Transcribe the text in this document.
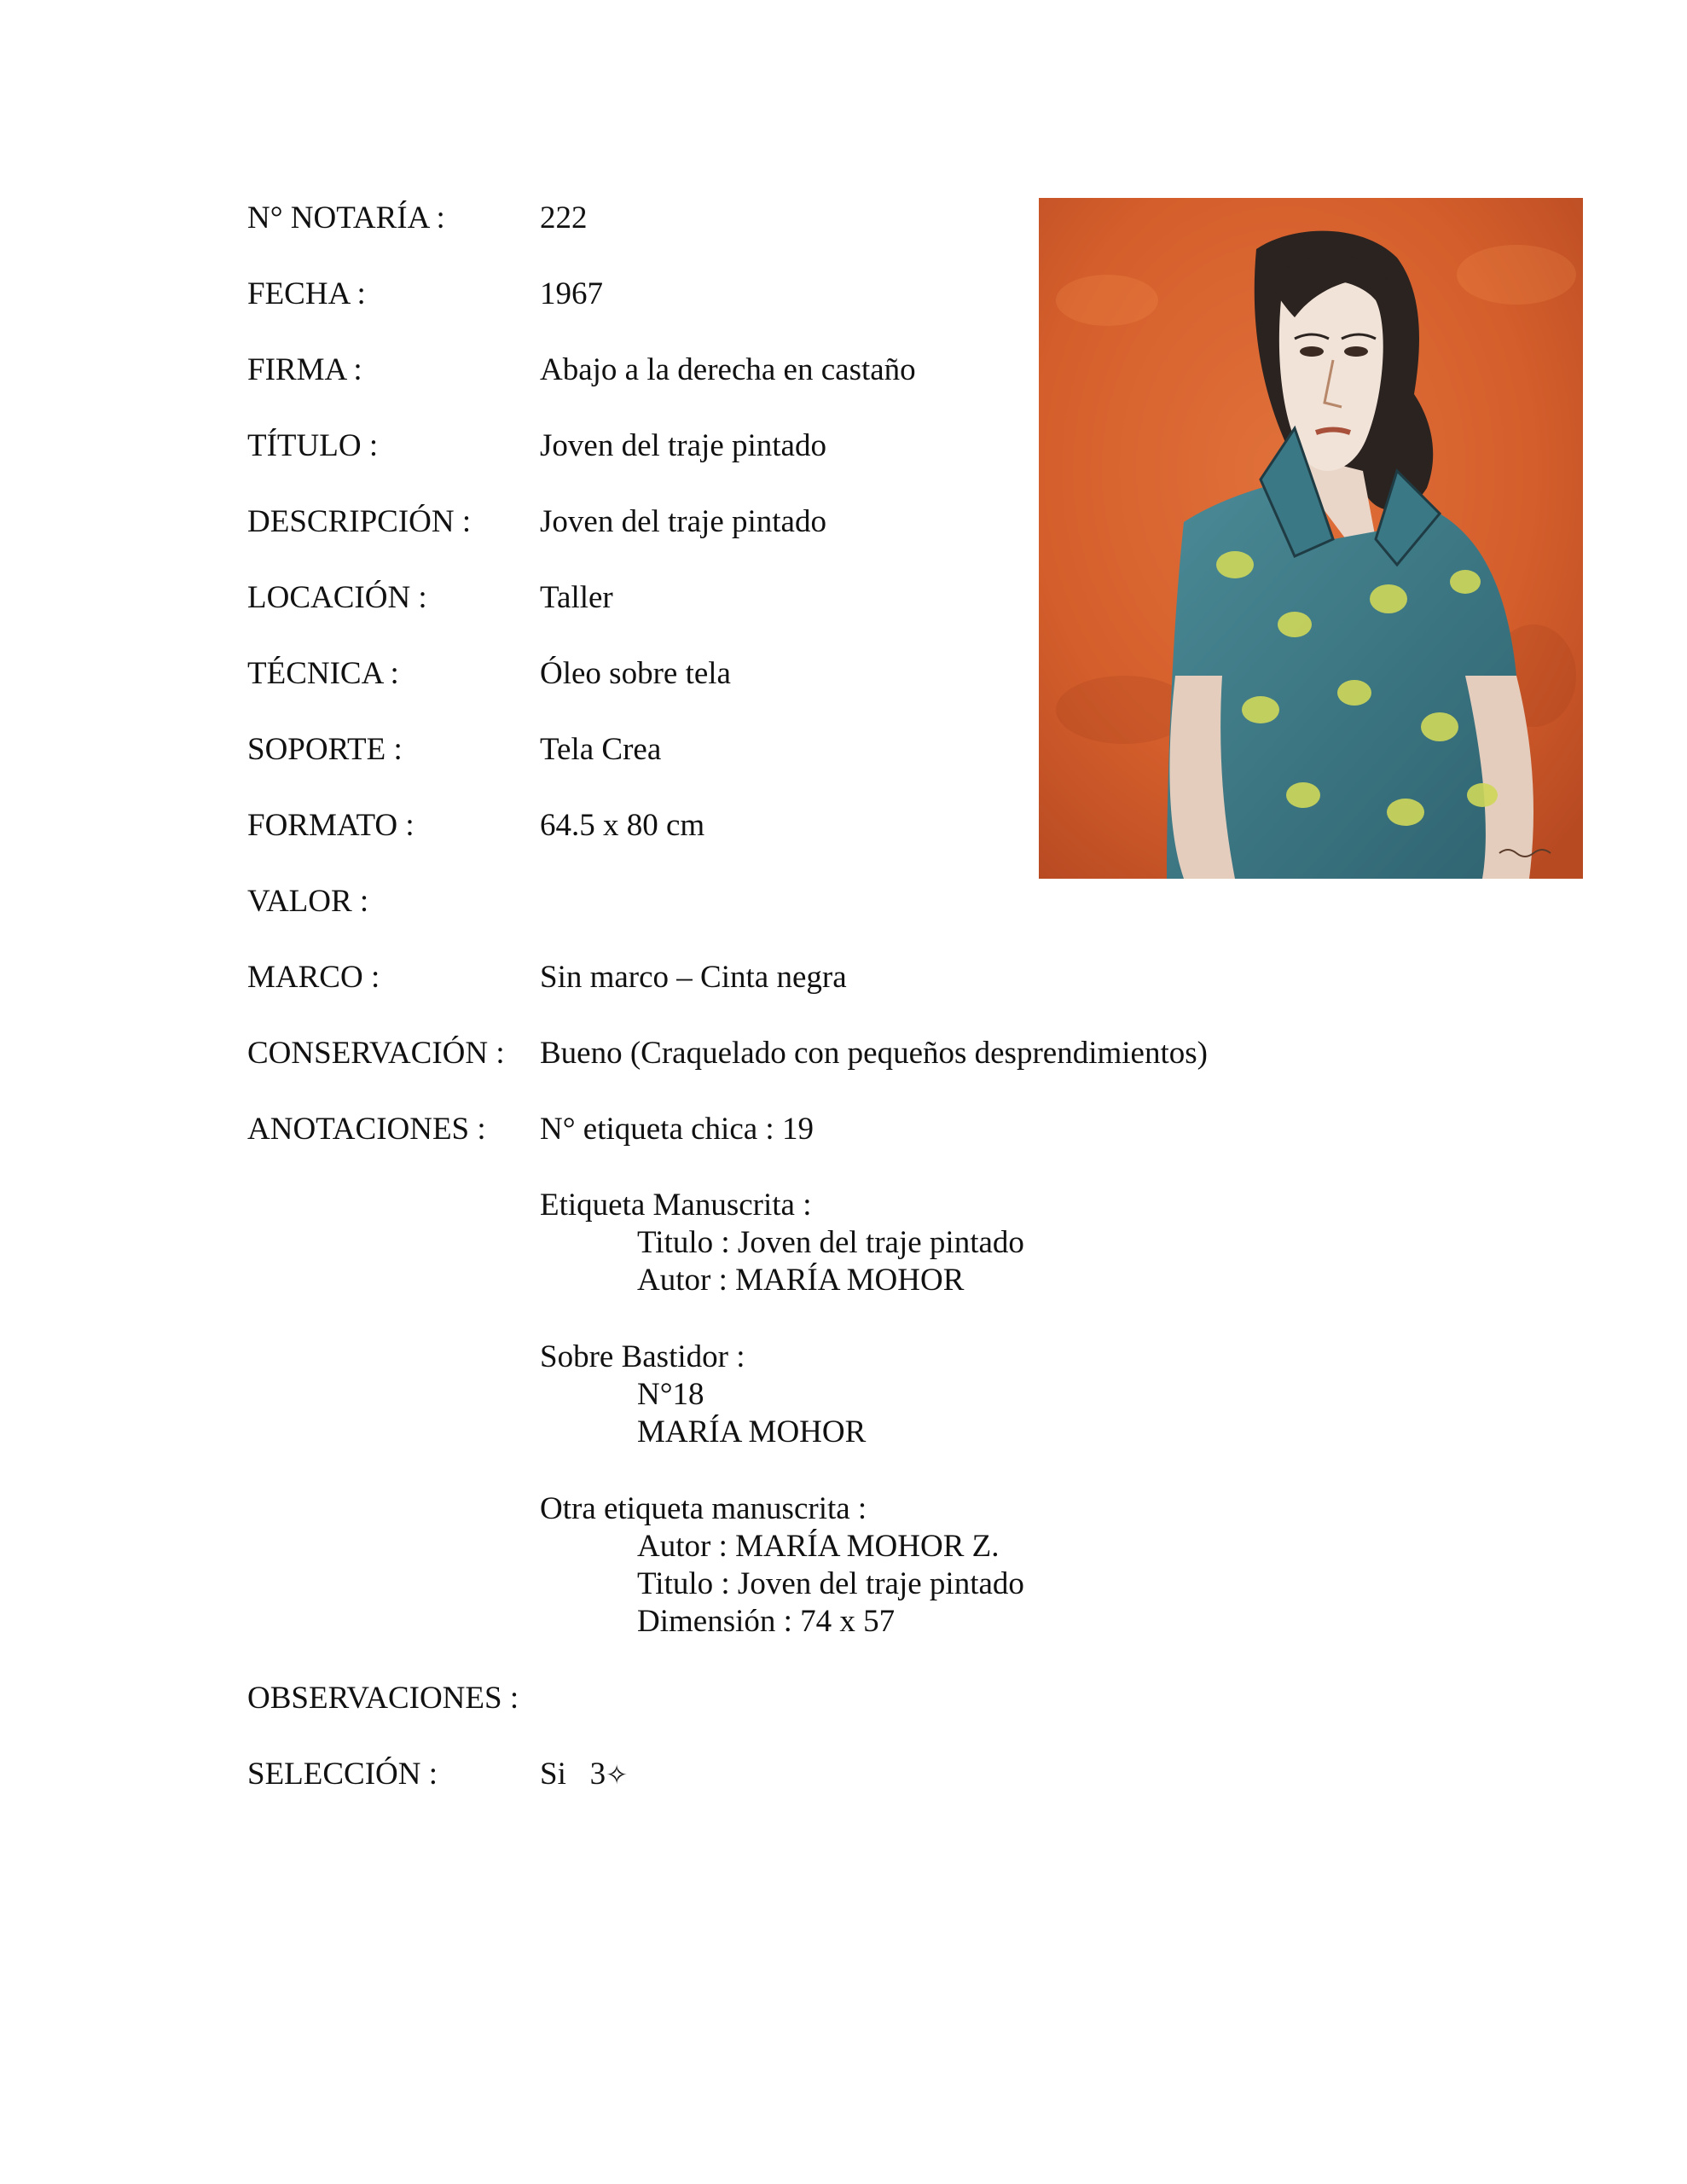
N° NOTARÍA :	222
FECHA :	1967
FIRMA :	Abajo a la derecha en castaño
TÍTULO :	Joven del traje pintado
DESCRIPCIÓN : Joven del traje pintado
LOCACIÓN :	Taller
TÉCNICA :	Óleo sobre tela
SOPORTE :	Tela Crea
FORMATO :	64.5 x 80 cm
VALOR :
MARCO :	Sin marco – Cinta negra
CONSERVACIÓN : Bueno (Craquelado con pequeños desprendimientos)
ANOTACIONES : N° etiqueta chica : 19
Etiqueta Manuscrita :
Titulo : Joven del traje pintado
Autor : MARÍA MOHOR
Sobre Bastidor :
N°18
MARÍA MOHOR
Otra etiqueta manuscrita :
Autor : MARÍA MOHOR Z.
Titulo : Joven del traje pintado
Dimensión : 74 x 57
OBSERVACIONES :
SELECCIÓN :	Si   3✧
